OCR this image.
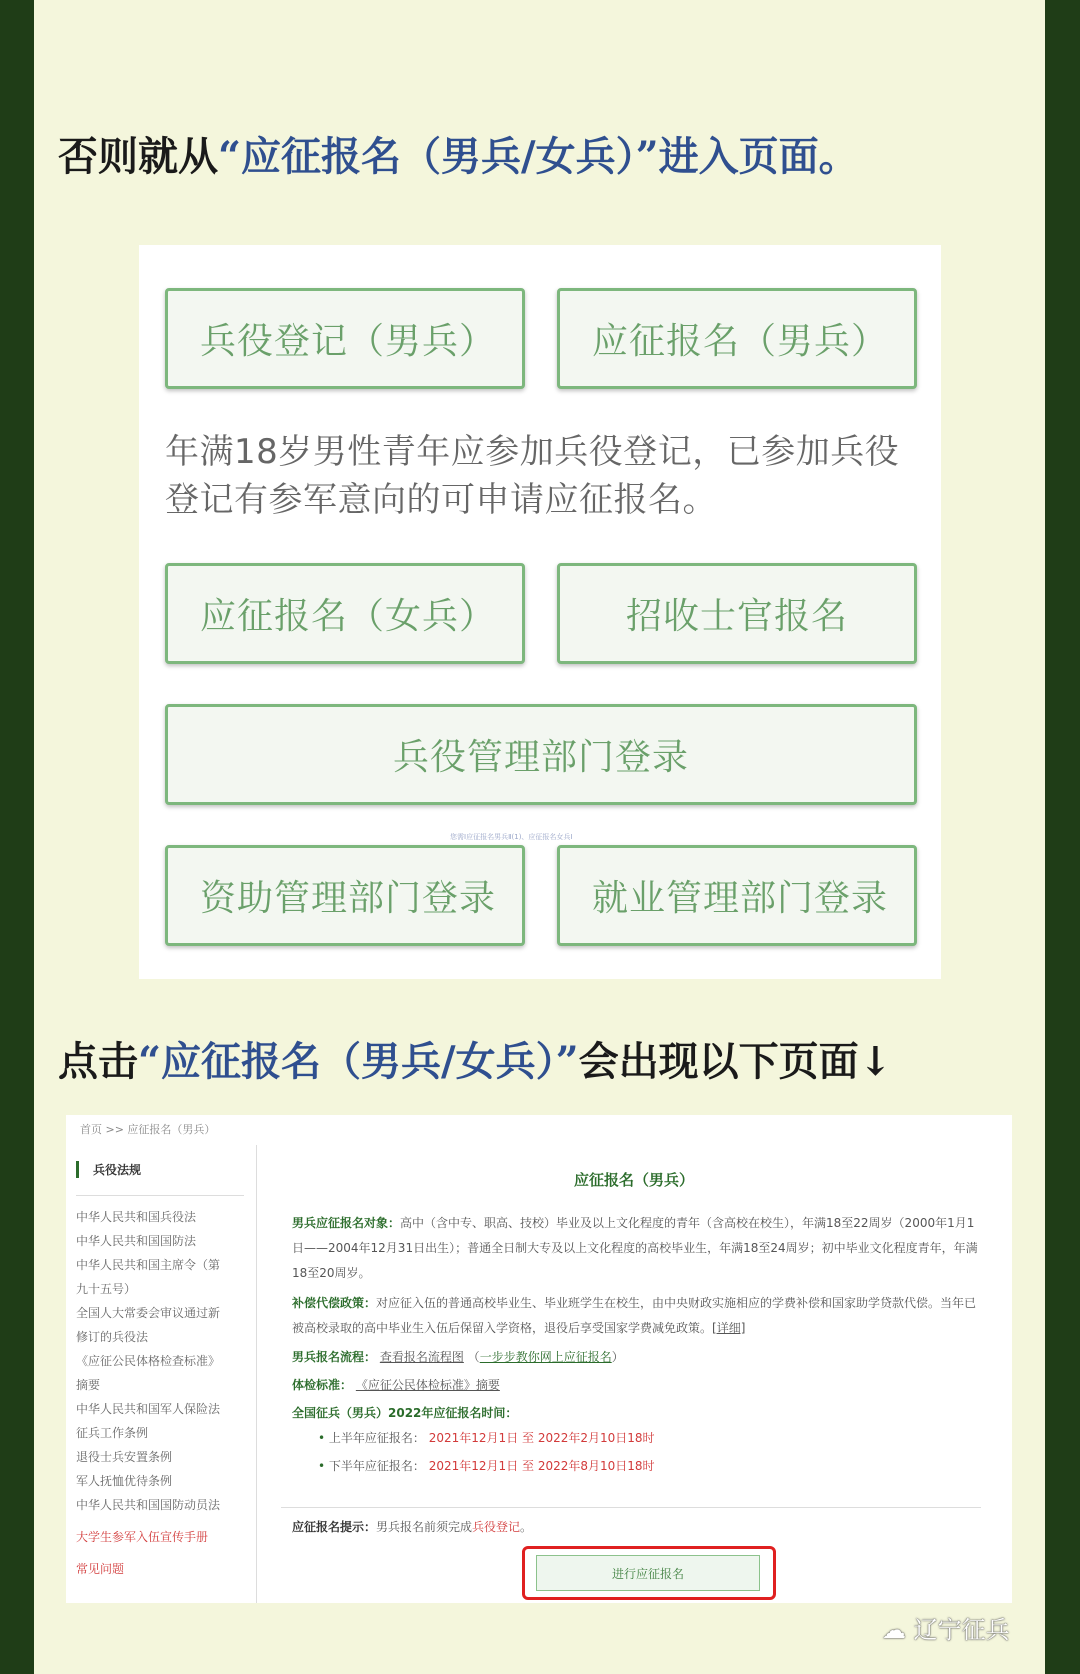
否则就从“应征报名（男兵/女兵）”进入页面。
兵役登记（男兵）	应征报名（男兵）
年满18岁男性青年应参加兵役登记，已参加兵役登记有参军意向的可申请应征报名。
应征报名（女兵）	招收士官报名
兵役管理部门登录
您需Ⅰ应征报名男兵Ⅱ(1)、应征报名女兵Ⅰ
资助管理部门登录	就业管理部门登录
点击“应征报名（男兵/女兵）”会出现以下页面↓
首页 >> 应征报名（男兵）
兵役法规
中华人民共和国兵役法
中华人民共和国国防法
中华人民共和国主席令（第
九十五号）
全国人大常委会审议通过新
修订的兵役法
《应征公民体格检查标准》
摘要
中华人民共和国军人保险法
征兵工作条例
退役士兵安置条例
军人抚恤优待条例
中华人民共和国国防动员法
大学生参军入伍宣传手册
常见问题
应征报名（男兵）
男兵应征报名对象：高中（含中专、职高、技校）毕业及以上文化程度的青年（含高校在校生），年满18至22周岁（2000年1月1日——2004年12月31日出生）；普通全日制大专及以上文化程度的高校毕业生，年满18至24周岁；初中毕业文化程度青年，年满18至20周岁。
补偿代偿政策：对应征入伍的普通高校毕业生、毕业班学生在校生，由中央财政实施相应的学费补偿和国家助学贷款代偿。当年已被高校录取的高中毕业生入伍后保留入学资格，退役后享受国家学费减免政策。[详细]
男兵报名流程： 查看报名流程图 （一步步教你网上应征报名）
体检标准： 《应征公民体检标准》摘要
全国征兵（男兵）2022年应征报名时间：
• 上半年应征报名： 2021年12月1日 至 2022年2月10日18时
• 下半年应征报名： 2021年12月1日 至 2022年8月10日18时
应征报名提示：男兵报名前须完成兵役登记。
进行应征报名
☁ 辽宁征兵
